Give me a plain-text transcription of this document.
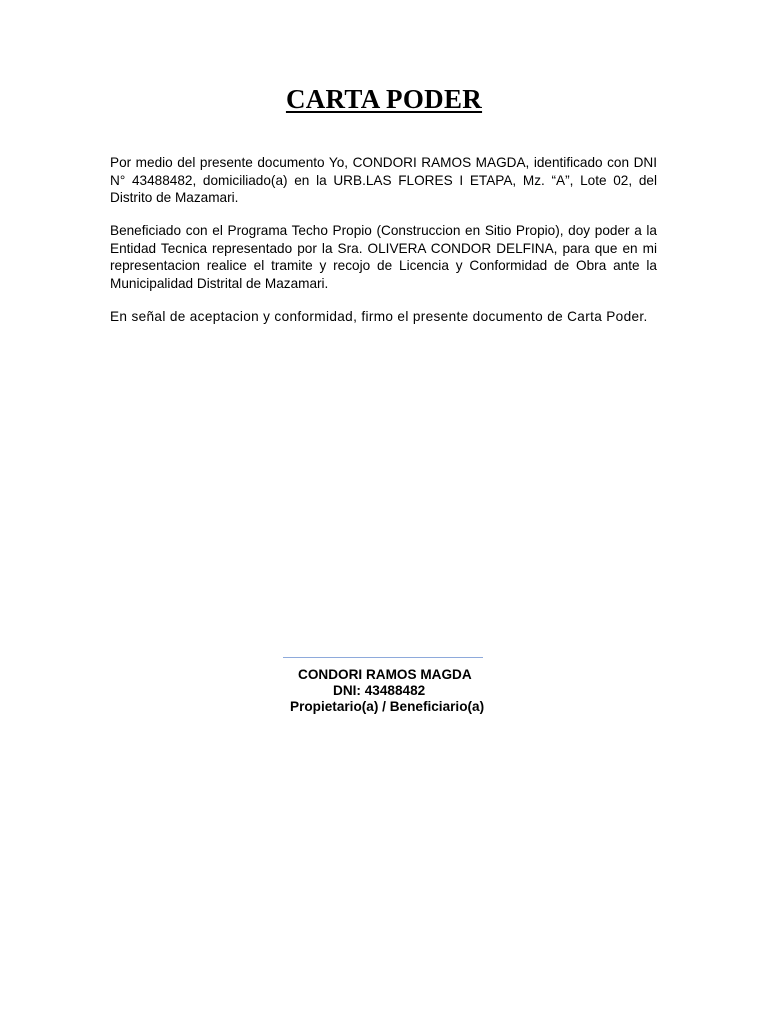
CARTA PODER

Por medio del presente documento Yo, CONDORI RAMOS MAGDA, identificado con DNI N° 43488482, domiciliado(a) en la URB.LAS FLORES I ETAPA, Mz. “A”, Lote 02, del Distrito de Mazamari.

Beneficiado con el Programa Techo Propio (Construccion en Sitio Propio), doy poder a la Entidad Tecnica representado por la Sra. OLIVERA CONDOR DELFINA, para que en mi representacion realice el tramite y recojo de Licencia y Conformidad de Obra ante la Municipalidad Distrital de Mazamari.

En señal de aceptacion y conformidad, firmo el presente documento de Carta Poder.

CONDORI RAMOS MAGDA
DNI: 43488482
Propietario(a) / Beneficiario(a)
